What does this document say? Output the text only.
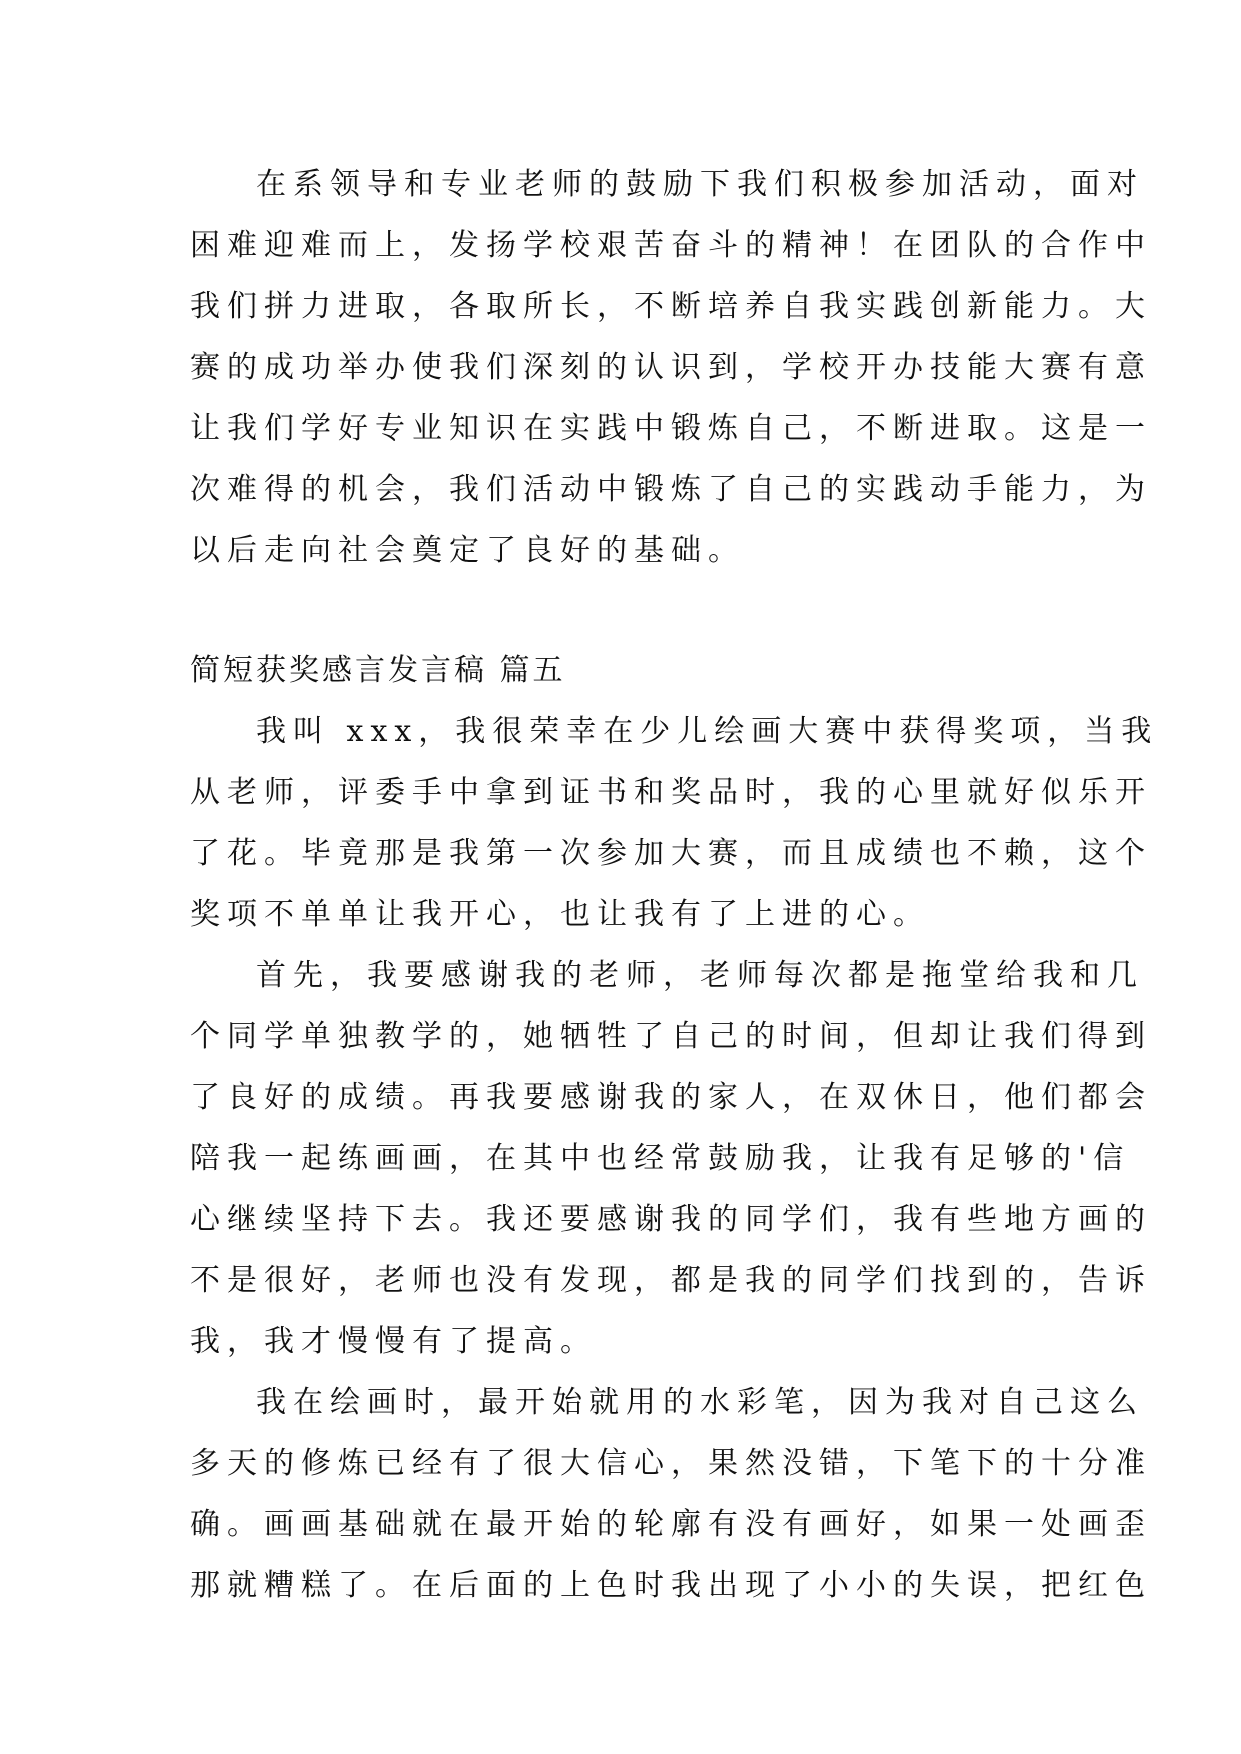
在系领导和专业老师的鼓励下我们积极参加活动，面对
困难迎难而上，发扬学校艰苦奋斗的精神！在团队的合作中
我们拼力进取，各取所长，不断培养自我实践创新能力。大
赛的成功举办使我们深刻的认识到，学校开办技能大赛有意
让我们学好专业知识在实践中锻炼自己，不断进取。这是一
次难得的机会，我们活动中锻炼了自己的实践动手能力，为
以后走向社会奠定了良好的基础。
简短获奖感言发言稿 篇五
我叫 xxx，我很荣幸在少儿绘画大赛中获得奖项，当我
从老师，评委手中拿到证书和奖品时，我的心里就好似乐开
了花。毕竟那是我第一次参加大赛，而且成绩也不赖，这个
奖项不单单让我开心，也让我有了上进的心。
首先，我要感谢我的老师，老师每次都是拖堂给我和几
个同学单独教学的，她牺牲了自己的时间，但却让我们得到
了良好的成绩。再我要感谢我的家人，在双休日，他们都会
陪我一起练画画，在其中也经常鼓励我，让我有足够的'信
心继续坚持下去。我还要感谢我的同学们，我有些地方画的
不是很好，老师也没有发现，都是我的同学们找到的，告诉
我，我才慢慢有了提高。
我在绘画时，最开始就用的水彩笔，因为我对自己这么
多天的修炼已经有了很大信心，果然没错，下笔下的十分准
确。画画基础就在最开始的轮廓有没有画好，如果一处画歪
那就糟糕了。在后面的上色时我出现了小小的失误，把红色
